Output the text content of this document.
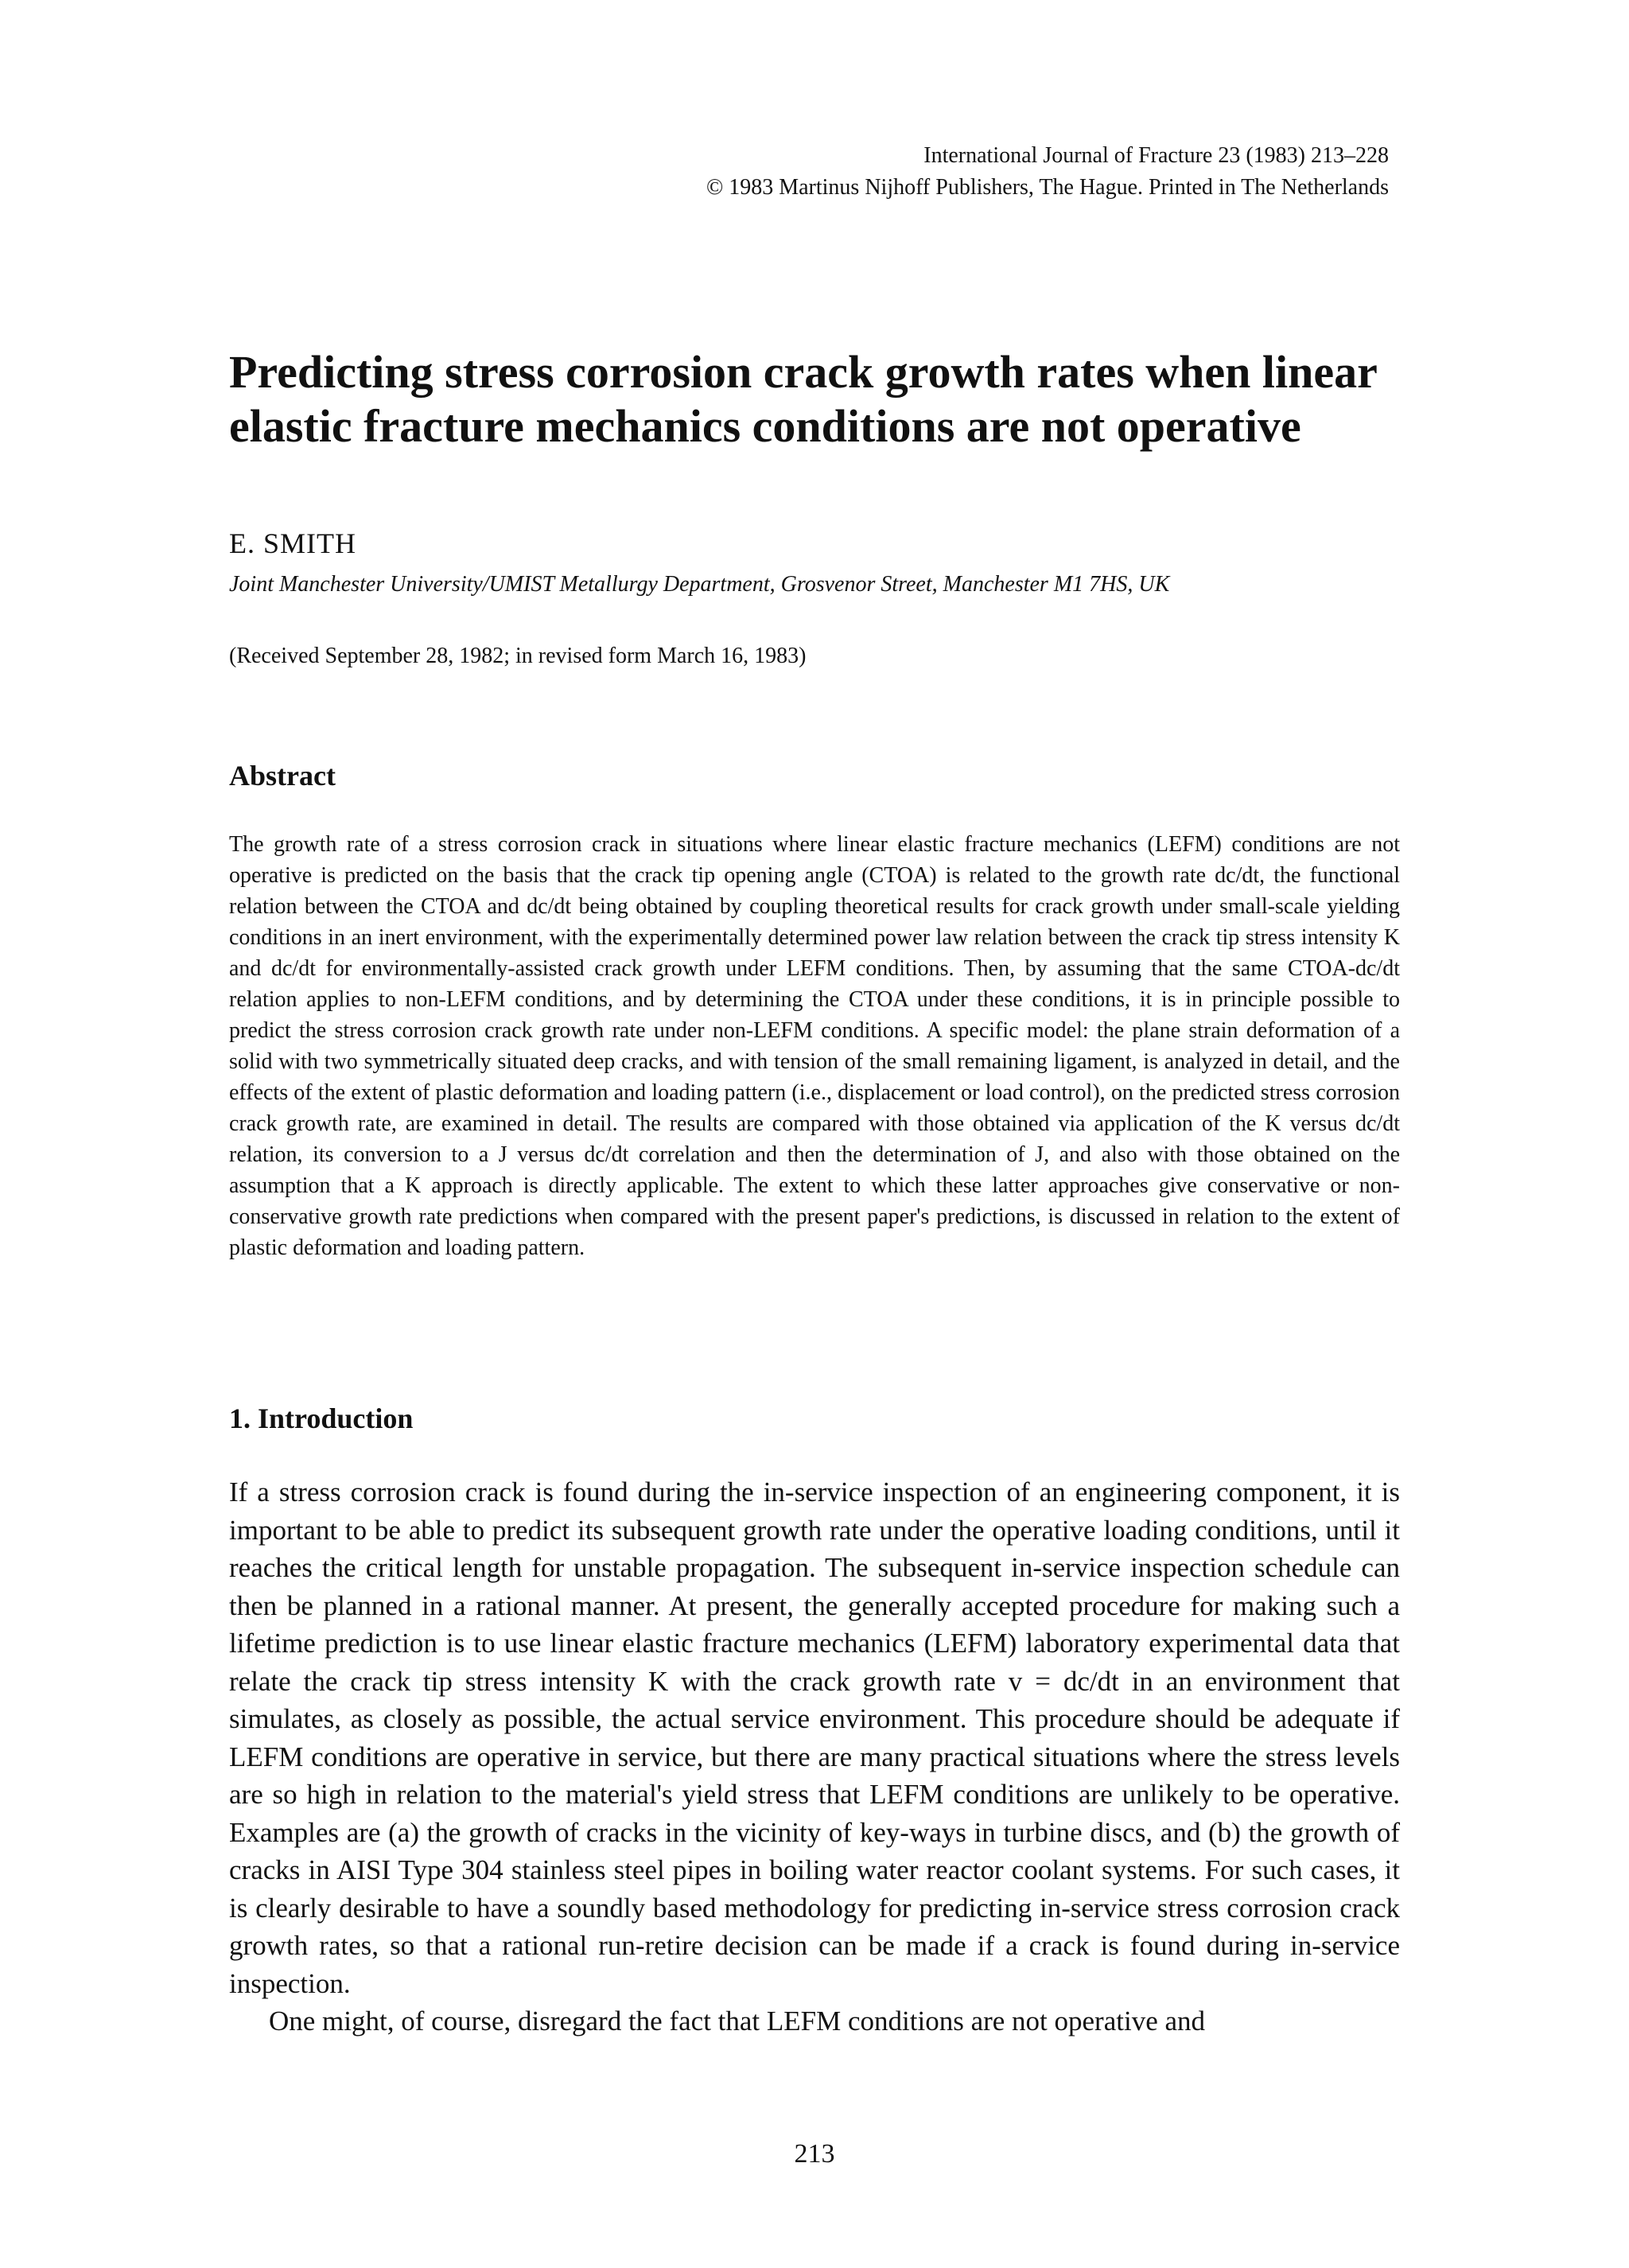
International Journal of Fracture 23 (1983) 213–228
© 1983 Martinus Nijhoff Publishers, The Hague. Printed in The Netherlands
Predicting stress corrosion crack growth rates when linear elastic fracture mechanics conditions are not operative
E. SMITH
Joint Manchester University/UMIST Metallurgy Department, Grosvenor Street, Manchester M1 7HS, UK
(Received September 28, 1982; in revised form March 16, 1983)
Abstract

The growth rate of a stress corrosion crack in situations where linear elastic fracture mechanics (LEFM) conditions are not operative is predicted on the basis that the crack tip opening angle (CTOA) is related to the growth rate dc/dt, the functional relation between the CTOA and dc/dt being obtained by coupling theoretical results for crack growth under small-scale yielding conditions in an inert environment, with the experimentally determined power law relation between the crack tip stress intensity K and dc/dt for environmentally-assisted crack growth under LEFM conditions. Then, by assuming that the same CTOA-dc/dt relation applies to non-LEFM conditions, and by determining the CTOA under these conditions, it is in principle possible to predict the stress corrosion crack growth rate under non-LEFM conditions. A specific model: the plane strain deformation of a solid with two symmetrically situated deep cracks, and with tension of the small remaining ligament, is analyzed in detail, and the effects of the extent of plastic deformation and loading pattern (i.e., displacement or load control), on the predicted stress corrosion crack growth rate, are examined in detail. The results are compared with those obtained via application of the K versus dc/dt relation, its conversion to a J versus dc/dt correlation and then the determination of J, and also with those obtained on the assumption that a K approach is directly applicable. The extent to which these latter approaches give conservative or non-conservative growth rate predictions when compared with the present paper's predictions, is discussed in relation to the extent of plastic deformation and loading pattern.

1. Introduction

If a stress corrosion crack is found during the in-service inspection of an engineering component, it is important to be able to predict its subsequent growth rate under the operative loading conditions, until it reaches the critical length for unstable propagation. The subsequent in-service inspection schedule can then be planned in a rational manner. At present, the generally accepted procedure for making such a lifetime prediction is to use linear elastic fracture mechanics (LEFM) laboratory experimental data that relate the crack tip stress intensity K with the crack growth rate v = dc/dt in an environment that simulates, as closely as possible, the actual service environment. This procedure should be adequate if LEFM conditions are operative in service, but there are many practical situations where the stress levels are so high in relation to the material's yield stress that LEFM conditions are unlikely to be operative. Examples are (a) the growth of cracks in the vicinity of key-ways in turbine discs, and (b) the growth of cracks in AISI Type 304 stainless steel pipes in boiling water reactor coolant systems. For such cases, it is clearly desirable to have a soundly based methodology for predicting in-service stress corrosion crack growth rates, so that a rational run-retire decision can be made if a crack is found during in-service inspection.

One might, of course, disregard the fact that LEFM conditions are not operative and

213
